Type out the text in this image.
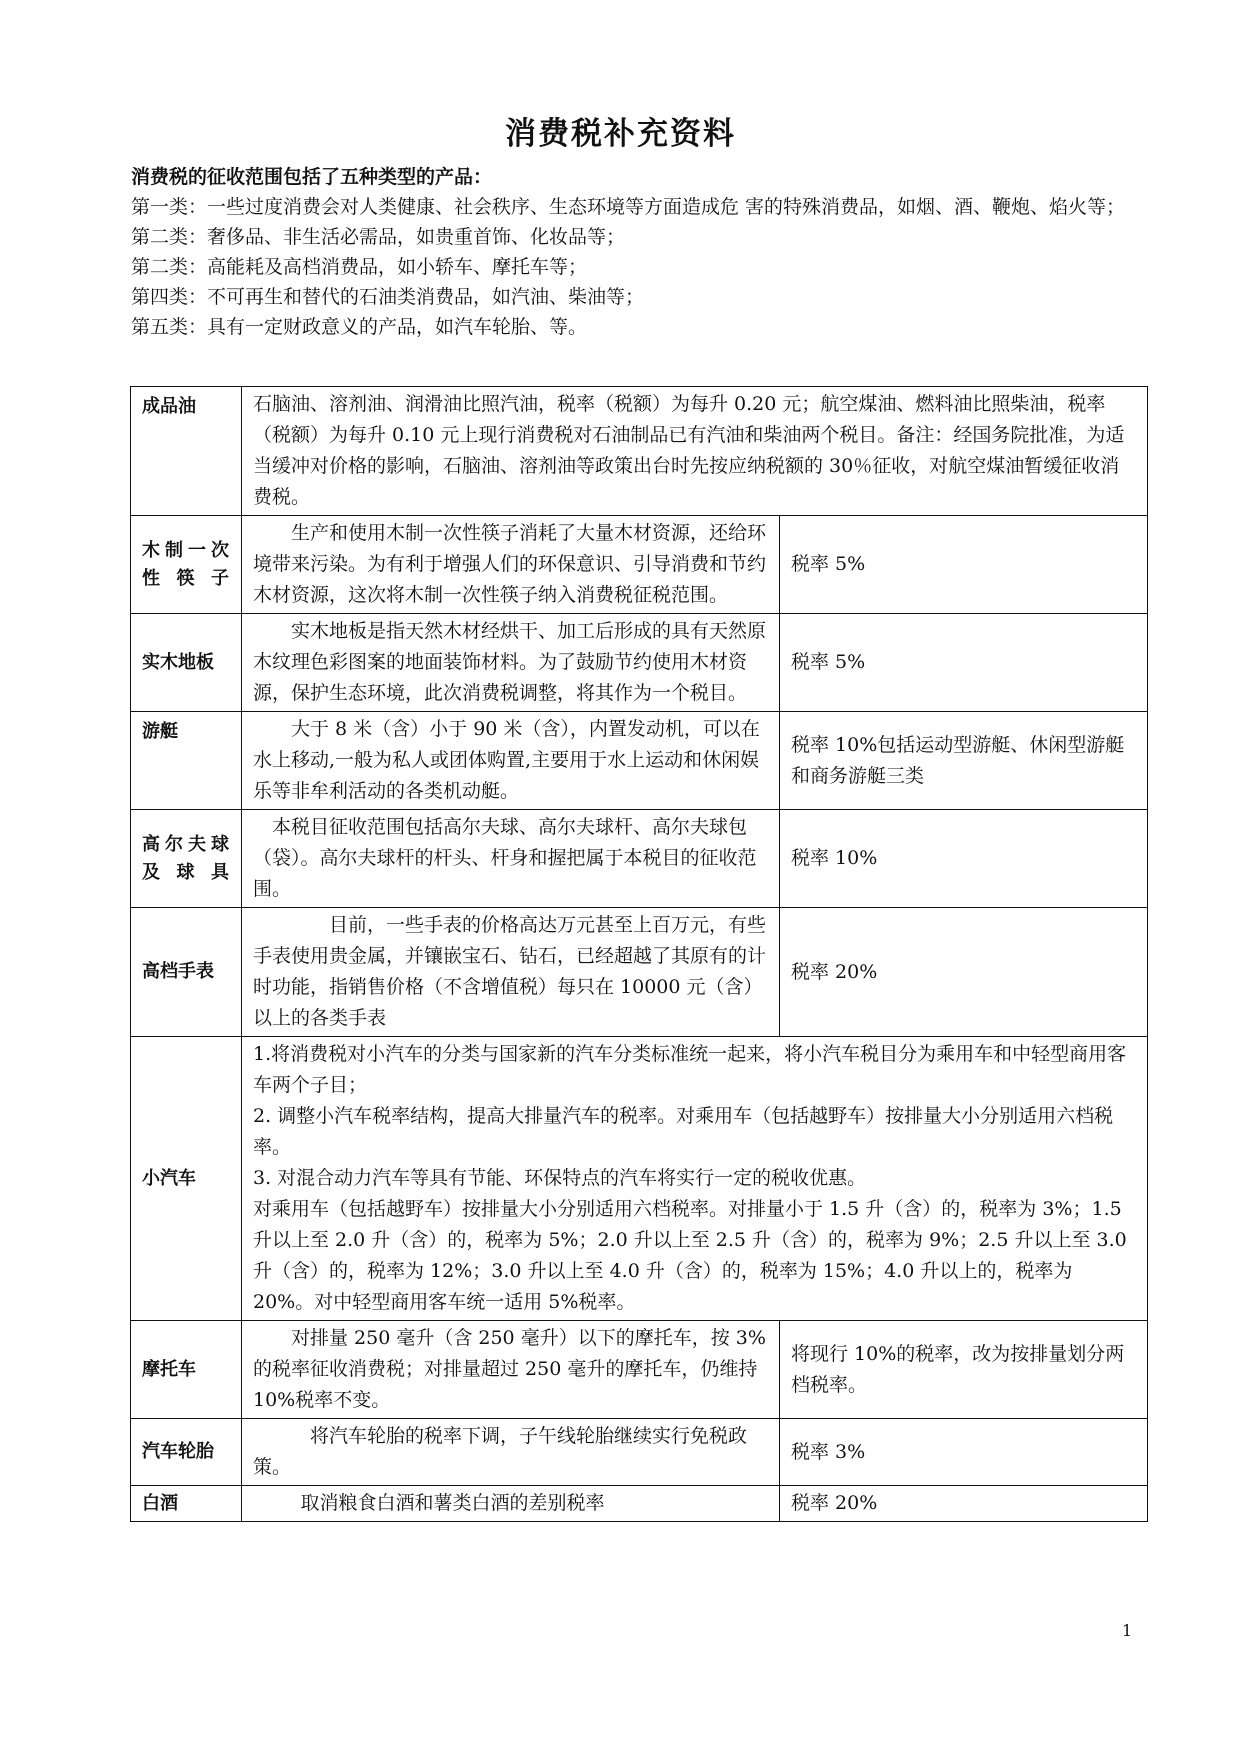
消费税补充资料

消费税的征收范围包括了五种类型的产品：

第一类：一些过度消费会对人类健康、社会秩序、生态环境等方面造成危 害的特殊消费品，如烟、酒、鞭炮、焰火等；

第二类：奢侈品、非生活必需品，如贵重首饰、化妆品等；

第二类：高能耗及高档消费品，如小轿车、摩托车等；

第四类：不可再生和替代的石油类消费品，如汽油、柴油等；

第五类：具有一定财政意义的产品，如汽车轮胎、等。

成品油	石脑油、溶剂油、润滑油比照汽油，税率（税额）为每升 0.20 元；航空煤油、燃料油比照柴油，税率（税额）为每升 0.10 元上现行消费税对石油制品已有汽油和柴油两个税目。备注：经国务院批准，为适当缓冲对价格的影响，石脑油、溶剂油等政策出台时先按应纳税额的 30％征收，对航空煤油暂缓征收消费税。	
木制一次性筷子	生产和使用木制一次性筷子消耗了大量木材资源，还给环境带来污染。为有利于增强人们的环保意识、引导消费和节约木材资源，这次将木制一次性筷子纳入消费税征税范围。	税率 5%
实木地板	实木地板是指天然木材经烘干、加工后形成的具有天然原木纹理色彩图案的地面装饰材料。为了鼓励节约使用木材资源，保护生态环境，此次消费税调整，将其作为一个税目。	税率 5%
游艇	大于 8 米（含）小于 90 米（含），内置发动机，可以在水上移动,一般为私人或团体购置,主要用于水上运动和休闲娱乐等非牟利活动的各类机动艇。	税率 10%包括运动型游艇、休闲型游艇和商务游艇三类
高尔夫球及球具	本税目征收范围包括高尔夫球、高尔夫球杆、高尔夫球包（袋）。高尔夫球杆的杆头、杆身和握把属于本税目的征收范围。	税率 10%
高档手表	目前，一些手表的价格高达万元甚至上百万元，有些手表使用贵金属，并镶嵌宝石、钻石，已经超越了其原有的计时功能，指销售价格（不含增值税）每只在 10000 元（含）以上的各类手表	税率 20%
小汽车	1.将消费税对小汽车的分类与国家新的汽车分类标准统一起来，将小汽车税目分为乘用车和中轻型商用客车两个子目；
2. 调整小汽车税率结构，提高大排量汽车的税率。对乘用车（包括越野车）按排量大小分别适用六档税率。
3. 对混合动力汽车等具有节能、环保特点的汽车将实行一定的税收优惠。
对乘用车（包括越野车）按排量大小分别适用六档税率。对排量小于 1.5 升（含）的，税率为 3%；1.5 升以上至 2.0 升（含）的，税率为 5%；2.0 升以上至 2.5 升（含）的，税率为 9%；2.5 升以上至 3.0 升（含）的，税率为 12%；3.0 升以上至 4.0 升（含）的，税率为 15%；4.0 升以上的，税率为 20%。对中轻型商用客车统一适用 5%税率。	

摩托车	对排量 250 毫升（含 250 毫升）以下的摩托车，按 3%的税率征收消费税；对排量超过 250 毫升的摩托车，仍维持 10%税率不变。	将现行 10%的税率，改为按排量划分两档税率。
汽车轮胎	将汽车轮胎的税率下调，子午线轮胎继续实行免税政策。	税率 3%
白酒	取消粮食白酒和薯类白酒的差别税率	税率 20%
1
